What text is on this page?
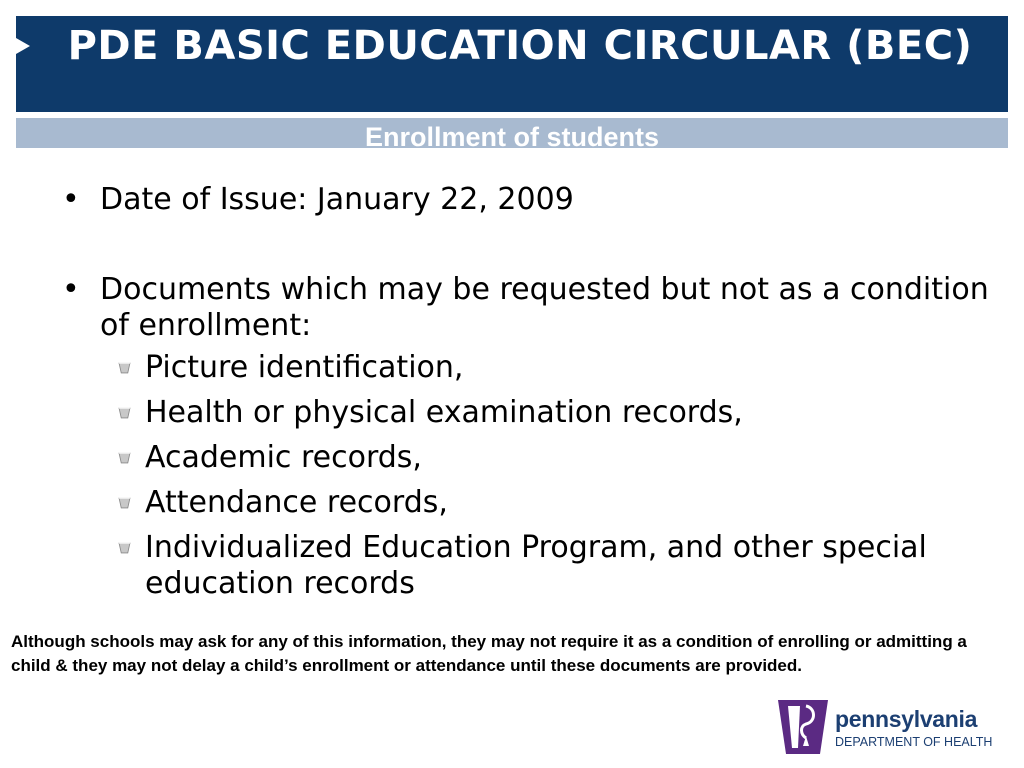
PDE BASIC EDUCATION CIRCULAR (BEC)
Enrollment of students

• Date of Issue: January 22, 2009

• Documents which may be requested but not as a condition of enrollment:

Picture identification,

Health or physical examination records,

Academic records,

Attendance records,

Individualized Education Program, and other special education records

Although schools may ask for any of this information, they may not require it as a condition of enrolling or admitting a child & they may not delay a child’s enrollment or attendance until these documents are provided.

pennsylvania
DEPARTMENT OF HEALTH
